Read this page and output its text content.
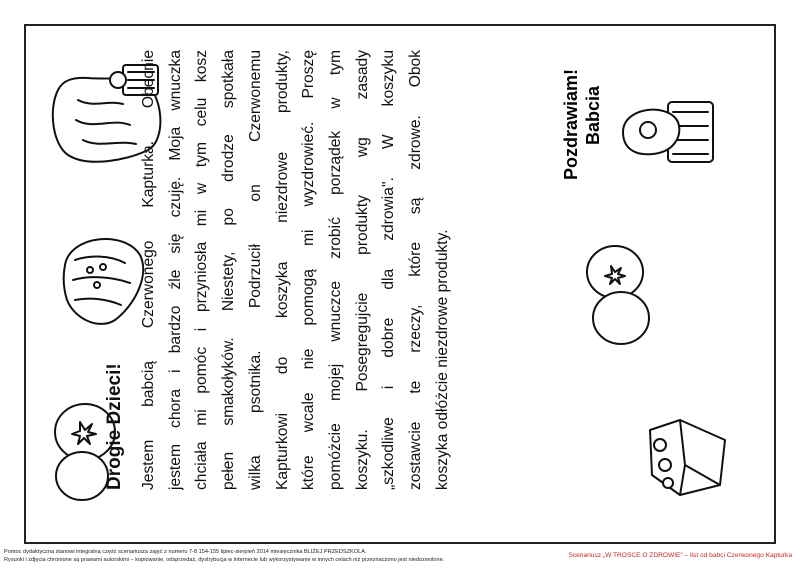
Drogie Dzieci! Jestem babcią Czerwonego Kapturka. Obecnie jestem chora i bardzo źle się czuję. Moja wnuczka chciała mi pomóc i przyniosła mi w tym celu kosz pełen smakołyków. Niestety, po drodze spotkała wilka psotnika. Podrzucił on Czerwonemu Kapturkowi do koszyka niezdrowe produkty, które wcale nie pomogą mi wyzdrowieć. Proszę pomóżcie mojej wnuczce zrobić porządek w tym koszyku. Posegregujcie produkty wg zasady „szkodliwe i dobre dla zdrowia". W koszyku zostawcie te rzeczy, które są zdrowe. Obok koszyka odłóżcie niezdrowe produkty.
Pozdrawiam! Babcia
Pomoc dydaktyczna stanowi integralną część scenariusza zajęć z numeru 7-8 154-155 lipiec-sierpień 2014 miesięcznika BLIŻEJ PRZEDSZKOLA.
Rysunki i zdjęcia chronione są prawami autorskimi – kopiowanie, odsprzedaż, dystrybucja w internecie lub wykorzystywanie w innych celach niż przeznaczono jest niedozwolone.
Scenariusz „W TROSCE O ZDROWIE" – list od babci Czerwonego Kapturka
